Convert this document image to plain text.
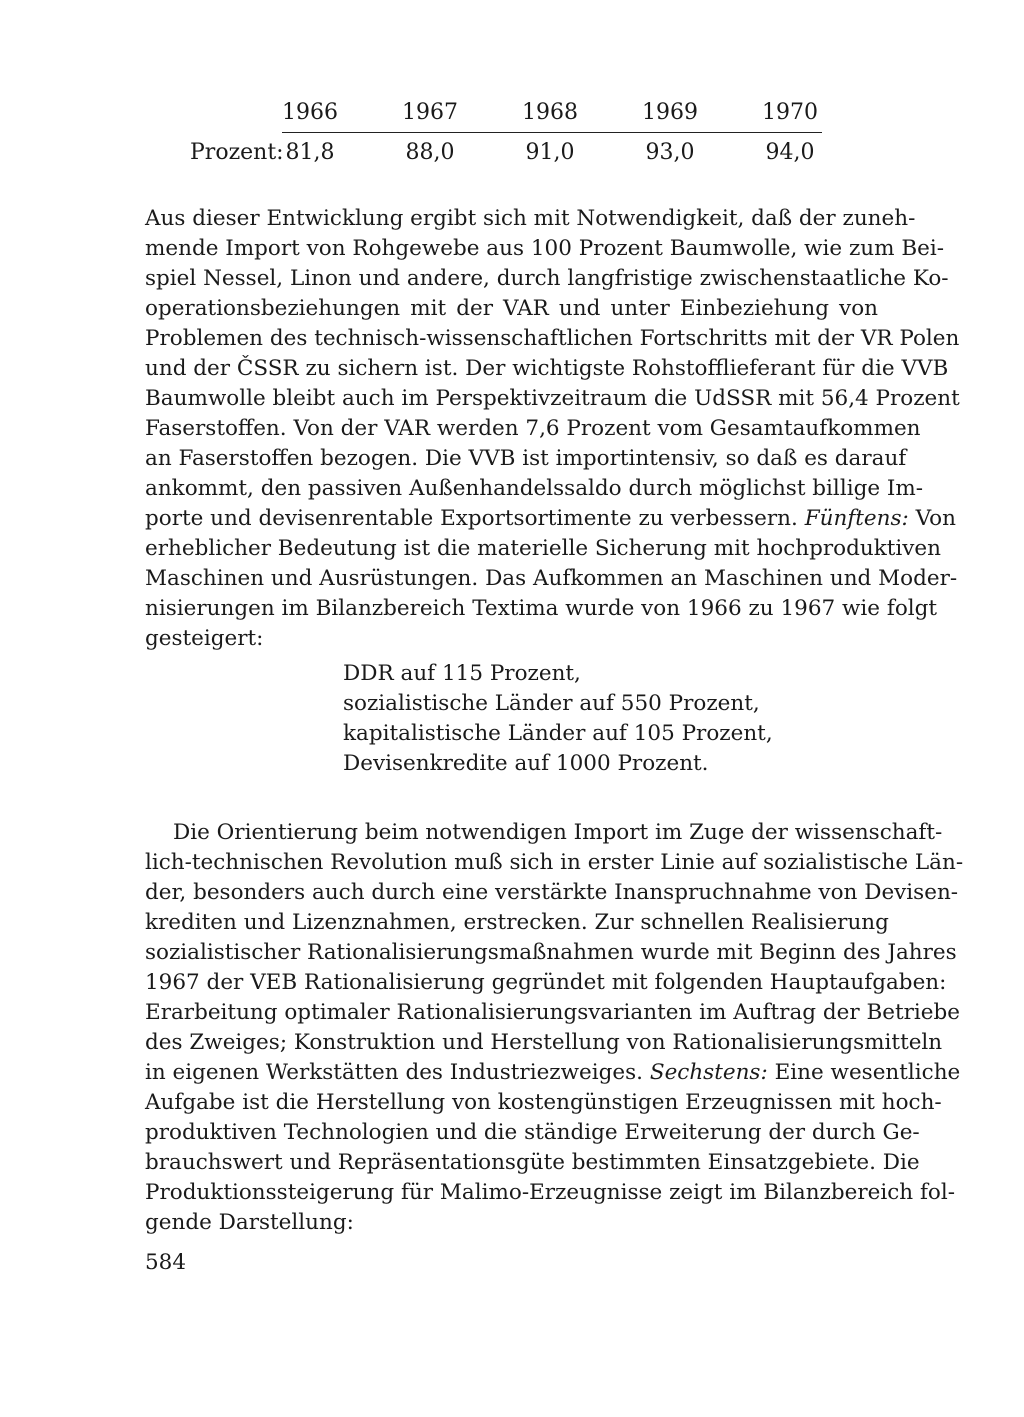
1966	1967	1968	1969	1970
Prozent: 81,8	88,0	91,0	93,0	94,0
Aus dieser Entwicklung ergibt sich mit Notwendigkeit, daß der zuneh-
mende Import von Rohgewebe aus 100 Prozent Baumwolle, wie zum Bei-
spiel Nessel, Linon und andere, durch langfristige zwischenstaatliche Ko-
operationsbeziehungen mit der VAR und unter Einbeziehung von
Problemen des technisch-wissenschaftlichen Fortschritts mit der VR Polen
und der ČSSR zu sichern ist. Der wichtigste Rohstofflieferant für die VVB
Baumwolle bleibt auch im Perspektivzeitraum die UdSSR mit 56,4 Prozent
Faserstoffen. Von der VAR werden 7,6 Prozent vom Gesamtaufkommen
an Faserstoffen bezogen. Die VVB ist importintensiv, so daß es darauf
ankommt, den passiven Außenhandelssaldo durch möglichst billige Im-
porte und devisenrentable Exportsortimente zu verbessern. Fünftens: Von
erheblicher Bedeutung ist die materielle Sicherung mit hochproduktiven
Maschinen und Ausrüstungen. Das Aufkommen an Maschinen und Moder-
nisierungen im Bilanzbereich Textima wurde von 1966 zu 1967 wie folgt
gesteigert:
DDR auf 115 Prozent,
sozialistische Länder auf 550 Prozent,
kapitalistische Länder auf 105 Prozent,
Devisenkredite auf 1000 Prozent.
Die Orientierung beim notwendigen Import im Zuge der wissenschaft-
lich-technischen Revolution muß sich in erster Linie auf sozialistische Län-
der, besonders auch durch eine verstärkte Inanspruchnahme von Devisen-
krediten und Lizenznahmen, erstrecken. Zur schnellen Realisierung
sozialistischer Rationalisierungsmaßnahmen wurde mit Beginn des Jahres
1967 der VEB Rationalisierung gegründet mit folgenden Hauptaufgaben:
Erarbeitung optimaler Rationalisierungsvarianten im Auftrag der Betriebe
des Zweiges; Konstruktion und Herstellung von Rationalisierungsmitteln
in eigenen Werkstätten des Industriezweiges. Sechstens: Eine wesentliche
Aufgabe ist die Herstellung von kostengünstigen Erzeugnissen mit hoch-
produktiven Technologien und die ständige Erweiterung der durch Ge-
brauchswert und Repräsentationsgüte bestimmten Einsatzgebiete. Die
Produktionssteigerung für Malimo-Erzeugnisse zeigt im Bilanzbereich fol-
gende Darstellung:
584
